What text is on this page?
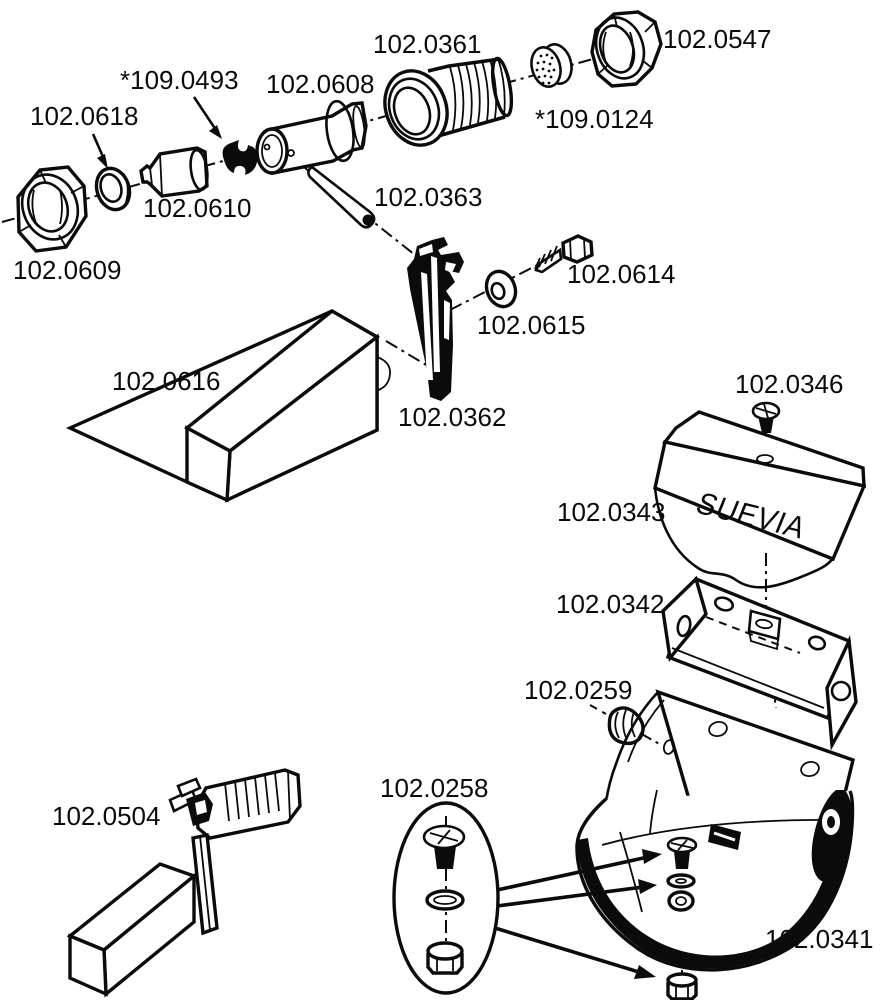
SUEVIA
102.0618
*109.0493 102.0608
102.0361	102.0547
*109.0124
102.0610	102.0363
102.0609	102.0614
102.0615
102.0616
102.0362
102.0346
102.0343
102.0342
102.0259
102.0258
102.0504
102.0341
